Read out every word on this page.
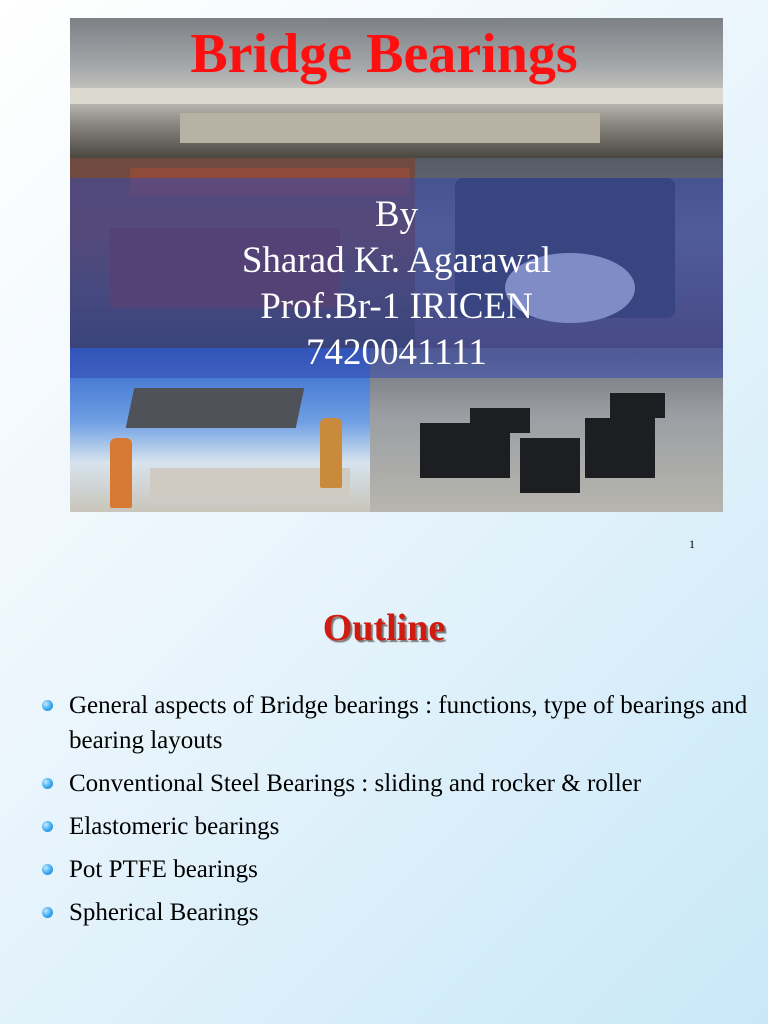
Bridge Bearings
By
Sharad Kr. Agarawal
Prof.Br-1 IRICEN
7420041111
1
Outline
General aspects of Bridge bearings : functions, type of bearings and bearing layouts
Conventional Steel Bearings : sliding and rocker & roller
Elastomeric bearings
Pot PTFE bearings
Spherical Bearings
